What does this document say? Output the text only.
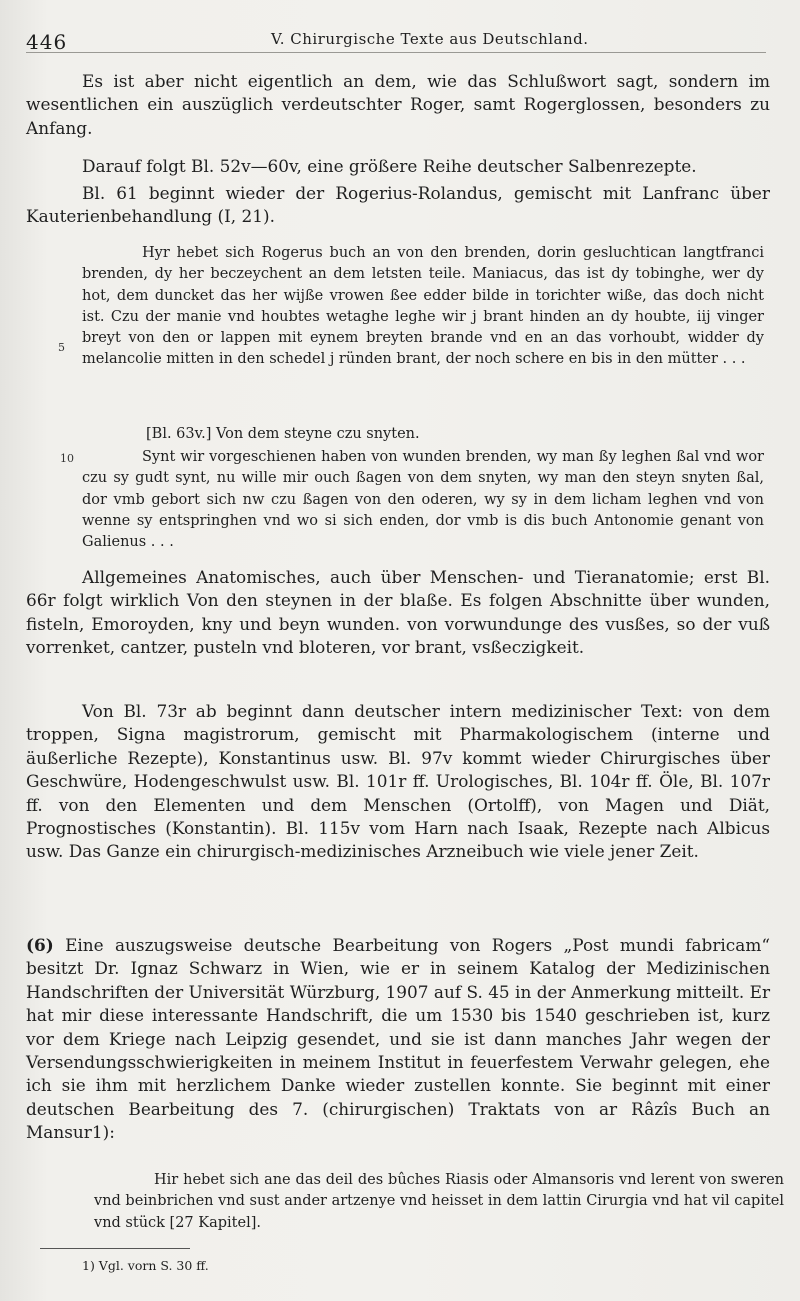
446	V. Chirurgische Texte aus Deutschland.

Es ist aber nicht eigentlich an dem, wie das Schlußwort sagt, sondern im wesentlichen ein auszüglich verdeutschter Roger, samt Rogerglossen, besonders zu Anfang.

Darauf folgt Bl. 52v—60v, eine größere Reihe deutscher Salbenrezepte.

Bl. 61 beginnt wieder der Rogerius-Rolandus, gemischt mit Lanfranc über Kauterienbehandlung (I, 21).

Hyr hebet sich Rogerus buch an von den brenden, dorin gesluchtican langtfranci brenden, dy her beczeychent an dem letsten teile. Maniacus, das ist dy tobinghe, wer dy hot, dem duncket das her wijße vrowen ßee edder bilde in torichter wiße, das doch nicht ist. Czu der manie vnd houbtes wetaghe leghe wir j brant hinden an dy houbte, iij vinger breyt von den or lappen mit eynem breyten brande vnd en an das vorhoubt, widder dy melancolie mitten in den schedel j ründen brant, der noch schere en bis in den mütter . . .

5

[Bl. 63v.] Von dem steyne czu snyten.

10	Synt wir vorgeschienen haben von wunden brenden, wy man ßy leghen ßal vnd wor czu sy gudt synt, nu wille mir ouch ßagen von dem snyten, wy man den steyn snyten ßal, dor vmb gebort sich nw czu ßagen von den oderen, wy sy in dem licham leghen vnd von wenne sy entspringhen vnd wo si sich enden, dor vmb is dis buch Antonomie genant von Galienus . . .

Allgemeines Anatomisches, auch über Menschen- und Tieranatomie; erst Bl. 66r folgt wirklich Von den steynen in der blaße. Es folgen Abschnitte über wunden, fisteln, Emoroyden, kny und beyn wunden. von vorwundunge des vusßes, so der vuß vorrenket, cantzer, pusteln vnd bloteren, vor brant, vsßeczigkeit.

Von Bl. 73r ab beginnt dann deutscher intern medizinischer Text: von dem troppen, Signa magistrorum, gemischt mit Pharmakologischem (interne und äußerliche Rezepte), Konstantinus usw. Bl. 97v kommt wieder Chirurgisches über Geschwüre, Hodengeschwulst usw. Bl. 101r ff. Urologisches, Bl. 104r ff. Öle, Bl. 107r ff. von den Elementen und dem Menschen (Ortolff), von Magen und Diät, Prognostisches (Konstantin). Bl. 115v vom Harn nach Isaak, Rezepte nach Albicus usw. Das Ganze ein chirurgisch-medizinisches Arzneibuch wie viele jener Zeit.

(6) Eine auszugsweise deutsche Bearbeitung von Rogers „Post mundi fabricam“ besitzt Dr. Ignaz Schwarz in Wien, wie er in seinem Katalog der Medizinischen Handschriften der Universität Würzburg, 1907 auf S. 45 in der Anmerkung mitteilt. Er hat mir diese interessante Handschrift, die um 1530 bis 1540 geschrieben ist, kurz vor dem Kriege nach Leipzig gesendet, und sie ist dann manches Jahr wegen der Versendungsschwierigkeiten in meinem Institut in feuerfestem Verwahr gelegen, ehe ich sie ihm mit herzlichem Danke wieder zustellen konnte. Sie beginnt mit einer deutschen Bearbeitung des 7. (chirurgischen) Traktats von ar Râzîs Buch an Mansur1):

Hir hebet sich ane das deil des bûches Riasis oder Almansoris vnd lerent von sweren vnd beinbrichen vnd sust ander artzenye vnd heisset in dem lattin Cirurgia vnd hat vil capitel vnd stück [27 Kapitel].

1) Vgl. vorn S. 30 ff.
